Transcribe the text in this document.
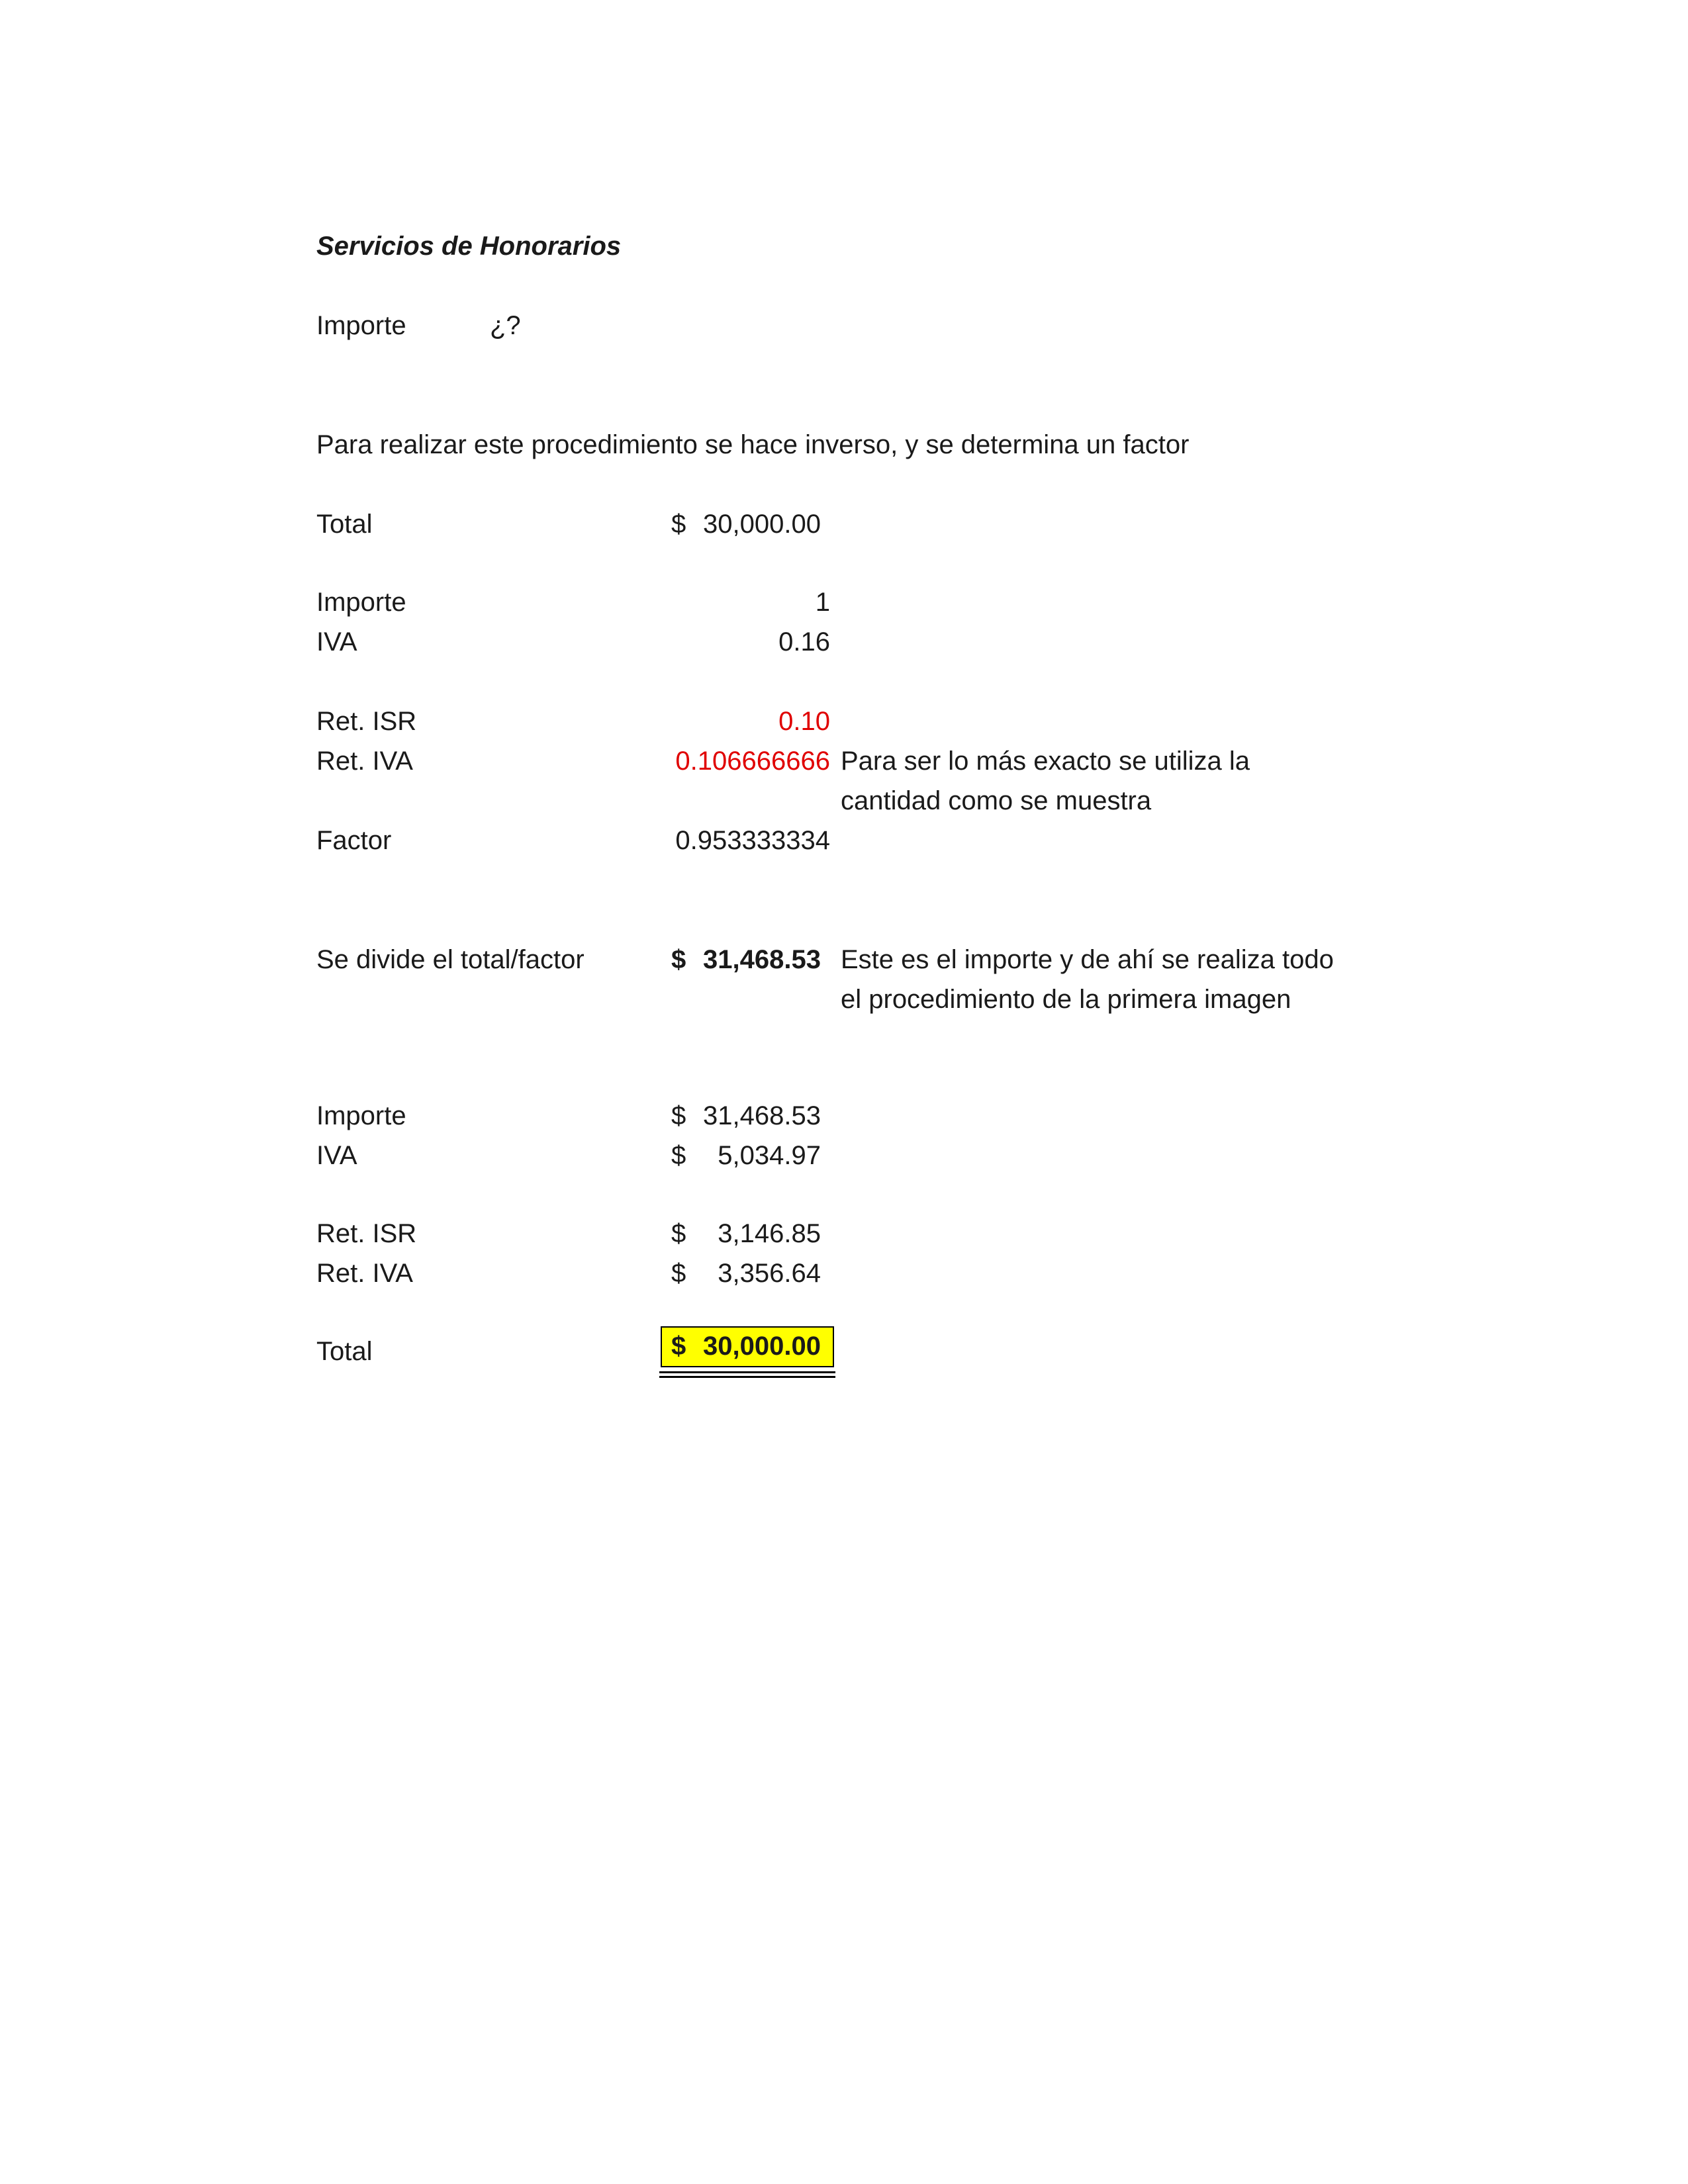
Servicios de Honorarios
Importe	¿?
Para realizar este procedimiento se hace inverso, y se determina un factor
Total	$ 30,000.00
Importe	1
IVA	0.16
Ret. ISR	0.10
Ret. IVA	0.106666666 Para ser lo más exacto se utiliza la
cantidad como se muestra
Factor	0.953333334
Se divide el total/factor	$ 31,468.53 Este es el importe y de ahí se realiza todo
el procedimiento de la primera imagen
Importe	$ 31,468.53
IVA	$ 5,034.97
Ret. ISR	$ 3,146.85
Ret. IVA	$ 3,356.64
Total	$ 30,000.00
